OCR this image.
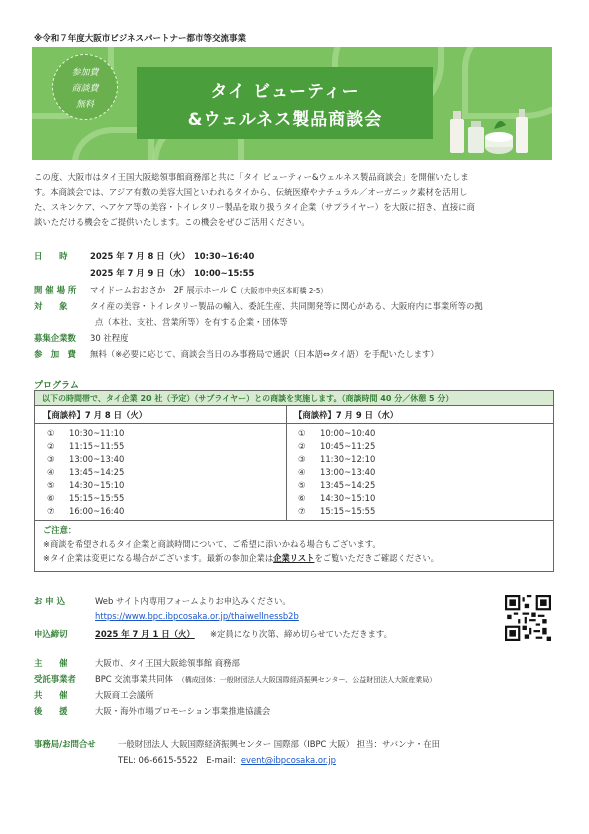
※令和７年度大阪市ビジネスパートナー都市等交流事業
参加費
商談費
無料
タイ ビューティー
&ウェルネス製品商談会
この度、大阪市はタイ王国大阪総領事館商務部と共に「タイ ビューティー&ウェルネス製品商談会」を開催いたしま
す。本商談会では、アジア有数の美容大国といわれるタイから、伝統医療やナチュラル／オーガニック素材を活用し
た、スキンケア、ヘアケア等の美容・トイレタリー製品を取り扱うタイ企業（サプライヤー）を大阪に招き、直接に商
談いただける機会をご提供いたします。この機会をぜひご活用ください。
日　　時	2025 年 7 月 8 日（火）　10:30~16:40
2025 年 7 月 9 日（水）　10:00~15:55
開 催 場 所 マイドームおおさか　2F 展示ホール C（大阪市中央区本町橋 2-5）
対　　象	タイ産の美容・トイレタリー製品の輸入、委託生産、共同開発等に関心がある、大阪府内に事業所等の拠
点（本社、支社、営業所等）を有する企業・団体等
募集企業数 30 社程度
参　加　費 無料（※必要に応じて、商談会当日のみ事務局で通訳（日本語⇔タイ語）を手配いたします）
プログラム
以下の時間帯で、タイ企業 20 社（予定）（サプライヤー）との商談を実施します。（商談時間 40 分／休憩 5 分）
【商談枠】7 月 8 日（火）
① 10:30~11:10
② 11:15~11:55
③ 13:00~13:40
④ 13:45~14:25
⑤ 14:30~15:10
⑥ 15:15~15:55
⑦ 16:00~16:40
【商談枠】7 月 9 日（水）
① 10:00~10:40
② 10:45~11:25
③ 11:30~12:10
④ 13:00~13:40
⑤ 13:45~14:25
⑥ 14:30~15:10
⑦ 15:15~15:55
ご注意：
※商談を希望されるタイ企業と商談時間について、ご希望に添いかねる場合もございます。
※タイ企業は変更になる場合がございます。最新の参加企業は企業リストをご覧いただきご確認ください。
お 申 込	Web サイト内専用フォームよりお申込みください。
https://www.bpc.ibpcosaka.or.jp/thaiwellnessb2b
申込締切	2025 年 7 月 1 日（火） ※定員になり次第、締め切らせていただきます。
主　　催	大阪市、タイ王国大阪総領事館 商務部
受託事業者 BPC 交流事業共同体　 （構成団体：一般財団法人大阪国際経済振興センター、公益財団法人大阪産業局）
共　　催	大阪商工会議所
後　　援	大阪・海外市場プロモーション事業推進協議会
事務局/お問合せ	一般財団法人 大阪国際経済振興センター 国際部（IBPC 大阪） 担当：サバンナ・在田
TEL: 06-6615-5522　E-mail：event@ibpcosaka.or.jp
